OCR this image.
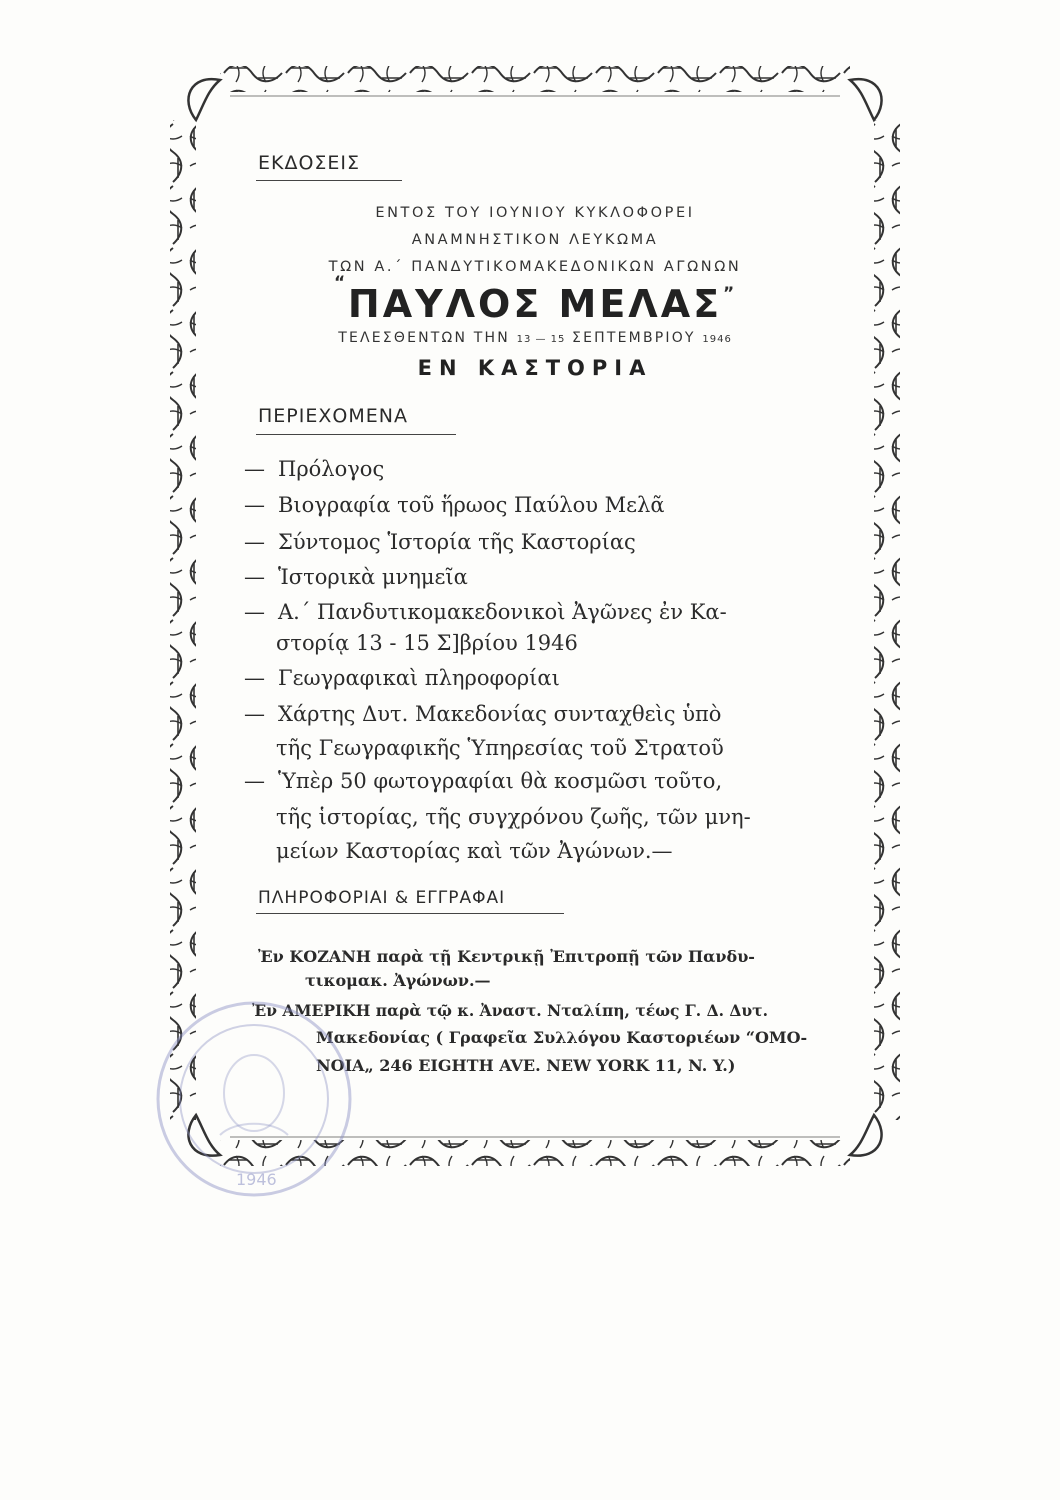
ΕΚΔΟΣΕΙΣ
ΕΝΤΟΣ ΤΟΥ ΙΟΥΝΙΟΥ ΚΥΚΛΟΦΟΡΕΙ
ΑΝΑΜΝΗΣΤΙΚΟΝ ΛΕΥΚΩΜΑ
ΤΩΝ Α.΄ ΠΑΝΔΥΤΙΚΟΜΑΚΕΔΟΝΙΚΩΝ ΑΓΩΝΩΝ
“ ΠΑΥΛΟΣ ΜΕΛΑΣ ”
ΤΕΛΕΣΘΕΝΤΩΝ ΤΗΝ 13 — 15 ΣΕΠΤΕΜΒΡΙΟΥ 1946
ΕΝ ΚΑΣΤΟΡΙΑ
ΠΕΡΙΕΧΟΜΕΝΑ
— Πρόλογος
— Βιογραφία τοῦ ἥρωος Παύλου Μελᾶ
— Σύντομος Ἱστορία τῆς Καστορίας
— Ἱστορικὰ μνημεῖα
— Α.΄ Πανδυτικομακεδονικοὶ Ἀγῶνες ἐν Κα-
στορίᾳ 13 - 15 Σ]βρίου 1946
— Γεωγραφικαὶ πληροφορίαι
— Χάρτης Δυτ. Μακεδονίας συνταχθεὶς ὑπὸ
τῆς Γεωγραφικῆς Ὑπηρεσίας τοῦ Στρατοῦ
— Ὑπὲρ 50 φωτογραφίαι θὰ κοσμῶσι τοῦτο,
τῆς ἱστορίας, τῆς συγχρόνου ζωῆς, τῶν μνη-
μείων Καστορίας καὶ τῶν Ἀγώνων.—
ΠΛΗΡΟΦΟΡΙΑΙ & ΕΓΓΡΑΦΑΙ
Ἐν ΚΟΖΑΝΗ παρὰ τῇ Κεντρικῇ Ἐπιτροπῇ τῶν Πανδυ-
τικομακ. Ἀγώνων.—
Ἐν ΑΜΕΡΙΚΗ παρὰ τῷ κ. Ἀναστ. Νταλίπη, τέως Γ. Δ. Δυτ.
Μακεδονίας ( Γραφεῖα Συλλόγου Καστοριέων “ΟΜΟ-
ΝΟΙΑ„ 246 EIGHTH AVE. NEW YORK 11, N. Y.)
1946
